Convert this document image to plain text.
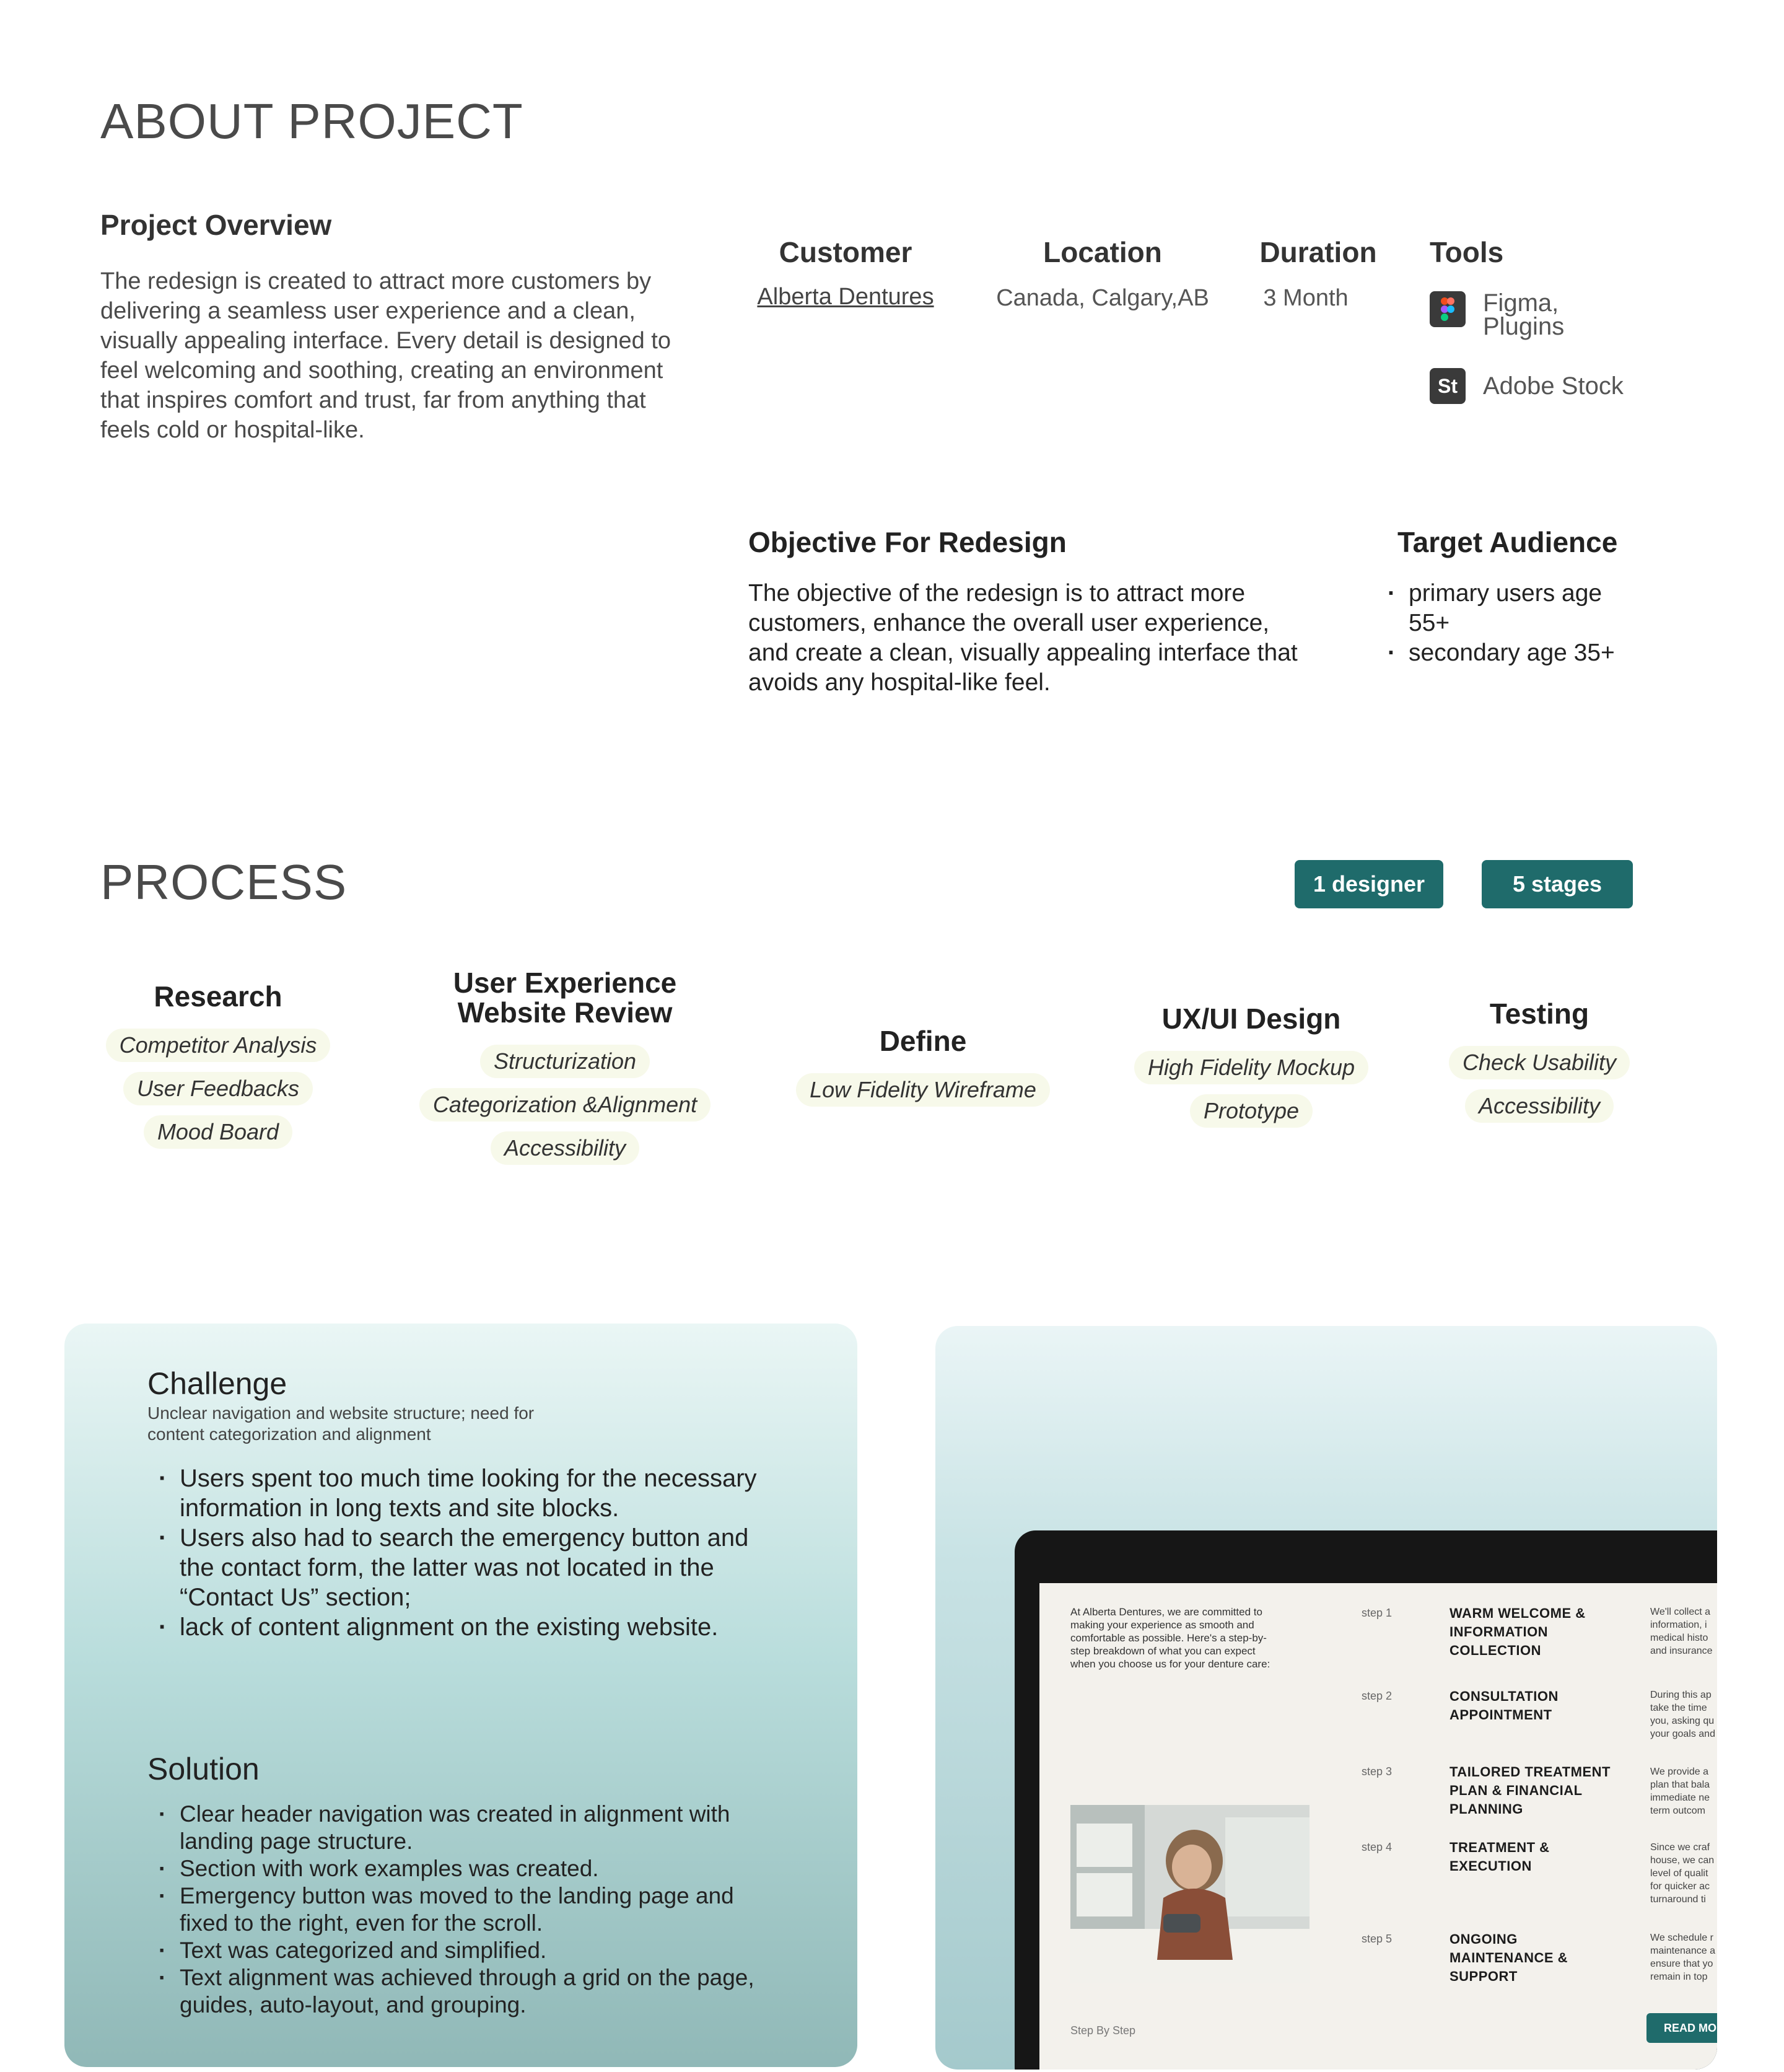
ABOUT PROJECT
Project Overview
The redesign is created to attract more customers by delivering a seamless user experience and a clean, visually appealing interface. Every detail is designed to feel welcoming and soothing, creating an environment that inspires comfort and trust, far from anything that feels cold or hospital-like.
Customer
Alberta Dentures
Location
Canada, Calgary,AB
Duration
3 Month
Tools
Figma,
Plugins
St	Adobe Stock
Objective For Redesign
The objective of the redesign is to attract more customers, enhance the overall user experience, and create a clean, visually appealing interface that avoids any hospital-like feel.
Target Audience
· primary users age 55+
· secondary age 35+
PROCESS	1 designer	5 stages
Research
Competitor Analysis
User Feedbacks
Mood Board
User Experience
Website Review
Structurization
Categorization &Alignment
Accessibility
Define
Low Fidelity Wireframe
UX/UI Design
High Fidelity Mockup
Prototype
Testing
Check Usability
Accessibility
Challenge
Unclear navigation and website structure; need for
content categorization and alignment
· Users spent too much time looking for the necessary information in long texts and site blocks.
· Users also had to search the emergency button and the contact form, the latter was not located in the “Contact Us” section;
· lack of content alignment on the existing website.
Solution
· Clear header navigation was created in alignment with landing page structure.
· Section with work examples was created.
· Emergency button was moved to the landing page and fixed to the right, even for the scroll.
· Text was categorized and simplified.
· Text alignment was achieved through a grid on the page, guides, auto-layout, and grouping.
At Alberta Dentures, we are committed to making your experience as smooth and comfortable as possible. Here's a step-by-step breakdown of what you can expect when you choose us for your denture care:
step 1	WARM WELCOME &
INFORMATION
COLLECTION
We'll collect a
information, i
medical histo
and insurance
step 2	CONSULTATION
APPOINTMENT
During this ap
take the time
you, asking qu
your goals and
step 3	TAILORED TREATMENT
PLAN & FINANCIAL
PLANNING
We provide a
plan that bala
immediate ne
term outcom
step 4	TREATMENT &
EXECUTION
Since we craf
house, we can
level of qualit
for quicker ac
turnaround ti
step 5	ONGOING
MAINTENANCE &
SUPPORT
We schedule r
maintenance a
ensure that yo
remain in top
Step By Step	READ MO
